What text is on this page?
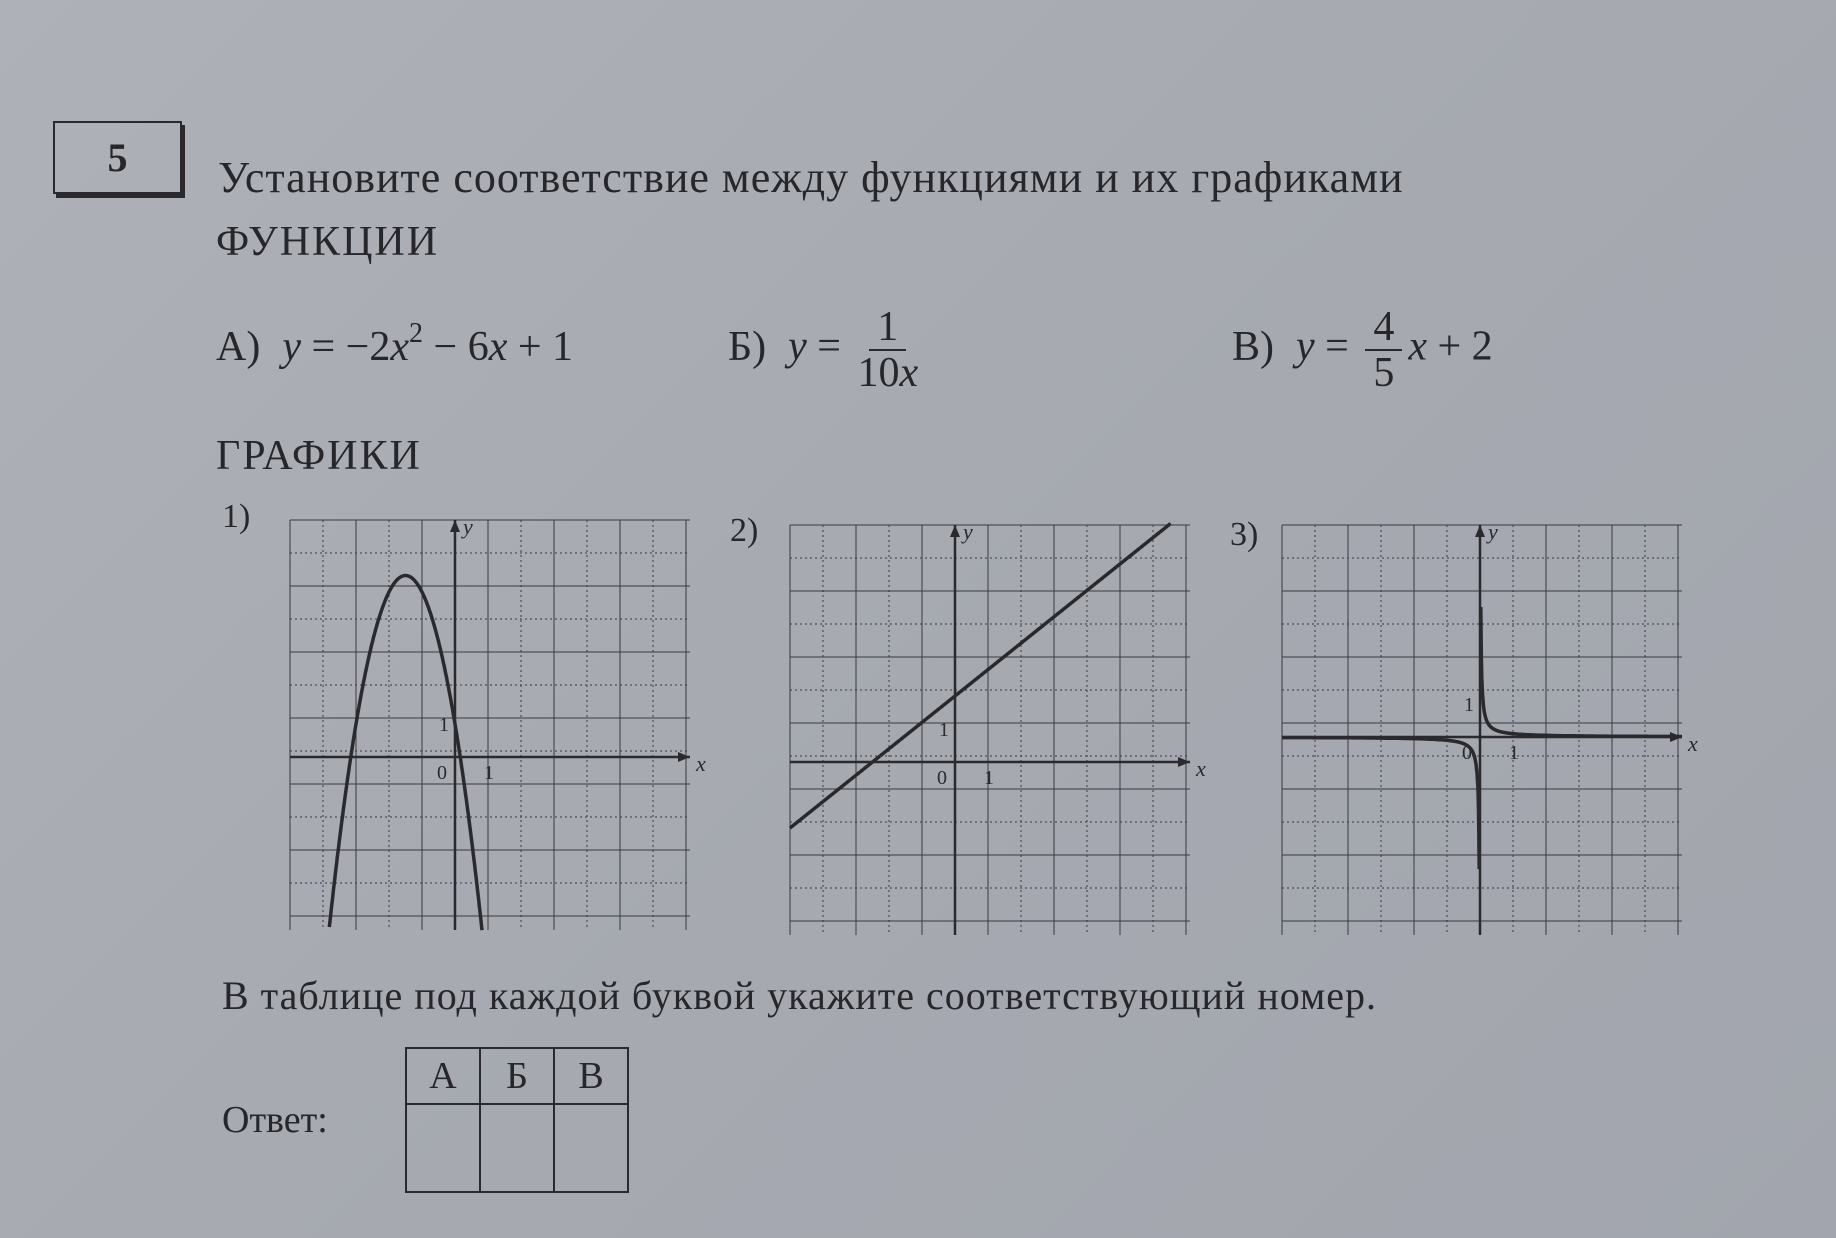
5	Установите соответствие между функциями и их графиками
ФУНКЦИИ
А) $y = -2x^2 - 6x + 1$	Б) $y = \frac{1}{10x}$	В) $y = \frac{4}{5}$ x + 2
ГРАФИКИ
1)	2)	3)
0 1
1
x
y
0 1
1
x
y
0 1
1
x
y
В таблице под каждой буквой укажите соответствующий номер.
Ответ:
А	Б	В
